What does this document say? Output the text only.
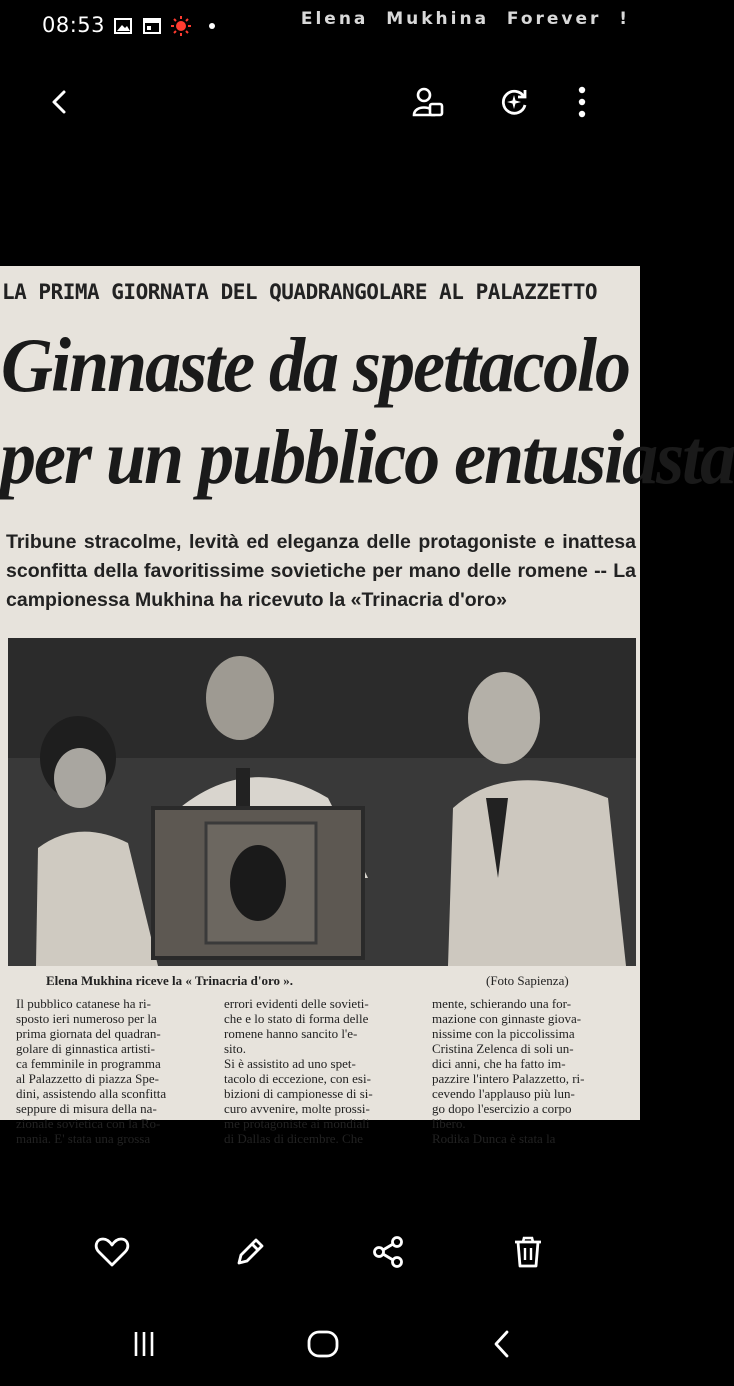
08:53	Elena  Mukhina  Forever  !
LA PRIMA GIORNATA DEL QUADRANGOLARE AL PALAZZETTO
Ginnaste da spettacolo
per un pubblico entusiasta
Tribune stracolme, levità ed eleganza delle protagoniste e inattesa sconfitta della favoritissime sovietiche per mano delle romene -- La campionessa Mukhina ha ricevuto la «Trinacria d'oro»
Elena Mukhina riceve la « Trinacria d'oro ».	(Foto Sapienza)
Il pubblico catanese ha ri-
sposto ieri numeroso per la
prima giornata del quadran-
golare di ginnastica artisti-
ca femminile in programma
al Palazzetto di piazza Spe-
dini, assistendo alla sconfitta
seppure di misura della na-
zionale sovietica con la Ro-
mania. E' stata una grossa
errori evidenti delle sovieti-
che e lo stato di forma delle
romene hanno sancito l'e-
sito.
Si è assistito ad uno spet-
tacolo di eccezione, con esi-
bizioni di campionesse di si-
curo avvenire, molte prossi-
me protagoniste ai mondiali
di Dallas di dicembre. Che
mente, schierando una for-
mazione con ginnaste giova-
nissime con la piccolissima
Cristina Zelenca di soli un-
dici anni, che ha fatto im-
pazzire l'intero Palazzetto, ri-
cevendo l'applauso più lun-
go dopo l'esercizio a corpo
libero.
Rodika Dunca è stata la
